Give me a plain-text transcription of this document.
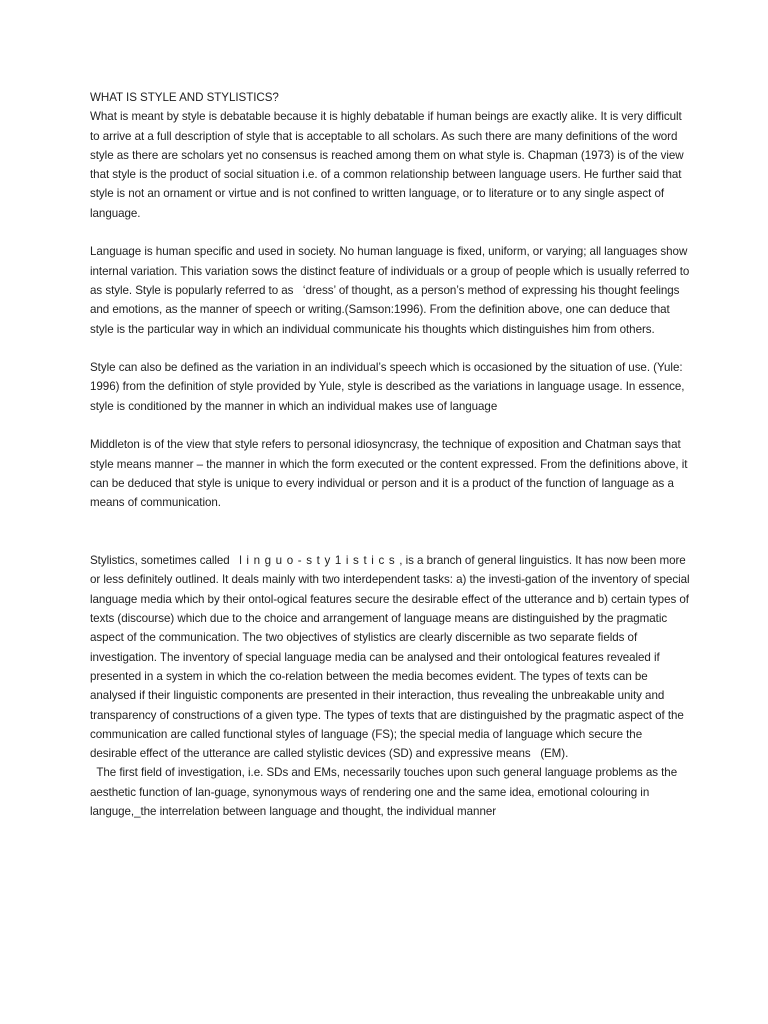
WHAT IS STYLE AND STYLISTICS?

What is meant by style is debatable because it is highly debatable if human beings are exactly alike. It is very difficult to arrive at a full description of style that is acceptable to all scholars. As such there are many definitions of the word style as there are scholars yet no consensus is reached among them on what style is. Chapman (1973) is of the view that style is the product of social situation i.e. of a common relationship between language users. He further said that style is not an ornament or virtue and is not confined to written language, or to literature or to any single aspect of language.

Language is human specific and used in society. No human language is fixed, uniform, or varying; all languages show internal variation. This variation sows the distinct feature of individuals or a group of people which is usually referred to as style. Style is popularly referred to as   ‘dress’ of thought, as a person’s method of expressing his thought feelings and emotions, as the manner of speech or writing.(Samson:1996). From the definition above, one can deduce that style is the particular way in which an individual communicate his thoughts which distinguishes him from others.

Style can also be defined as the variation in an individual’s speech which is occasioned by the situation of use. (Yule: 1996) from the definition of style provided by Yule, style is described as the variations in language usage. In essence, style is conditioned by the manner in which an individual makes use of language

Middleton is of the view that style refers to personal idiosyncrasy, the technique of exposition and Chatman says that style means manner – the manner in which the form executed or the content expressed. From the definitions above, it can be deduced that style is unique to every individual or person and it is a product of the function of language as a means of communication.

Stylistics, sometimes called   linguo-sty1istics, is a branch of general linguistics. It has now been more or less definitely outlined. It deals mainly with two interdependent tasks: a) the investi-gation of the inventory of special language media which by their ontol-ogical features secure the desirable effect of the utterance and b) certain types of texts (discourse) which due to the choice and arrangement of language means are distinguished by the pragmatic aspect of the communication. The two objectives of stylistics are clearly discernible as two separate fields of investigation. The inventory of special language media can be analysed and their ontological features revealed if presented in a system in which the co-relation between the media becomes evident. The types of texts can be analysed if their linguistic components are presented in their interaction, thus revealing the unbreakable unity and transparency of constructions of a given type. The types of texts that are distinguished by the pragmatic aspect of the communication are called functional styles of language (FS); the special media of language which secure the desirable effect of the utterance are called stylistic devices (SD) and expressive means   (EM).

The first field of investigation, i.e. SDs and EMs, necessarily touches upon such general language problems as the aesthetic function of lan-guage, synonymous ways of rendering one and the same idea, emotional colouring in languge,_the interrelation between language and thought, the individual manner
